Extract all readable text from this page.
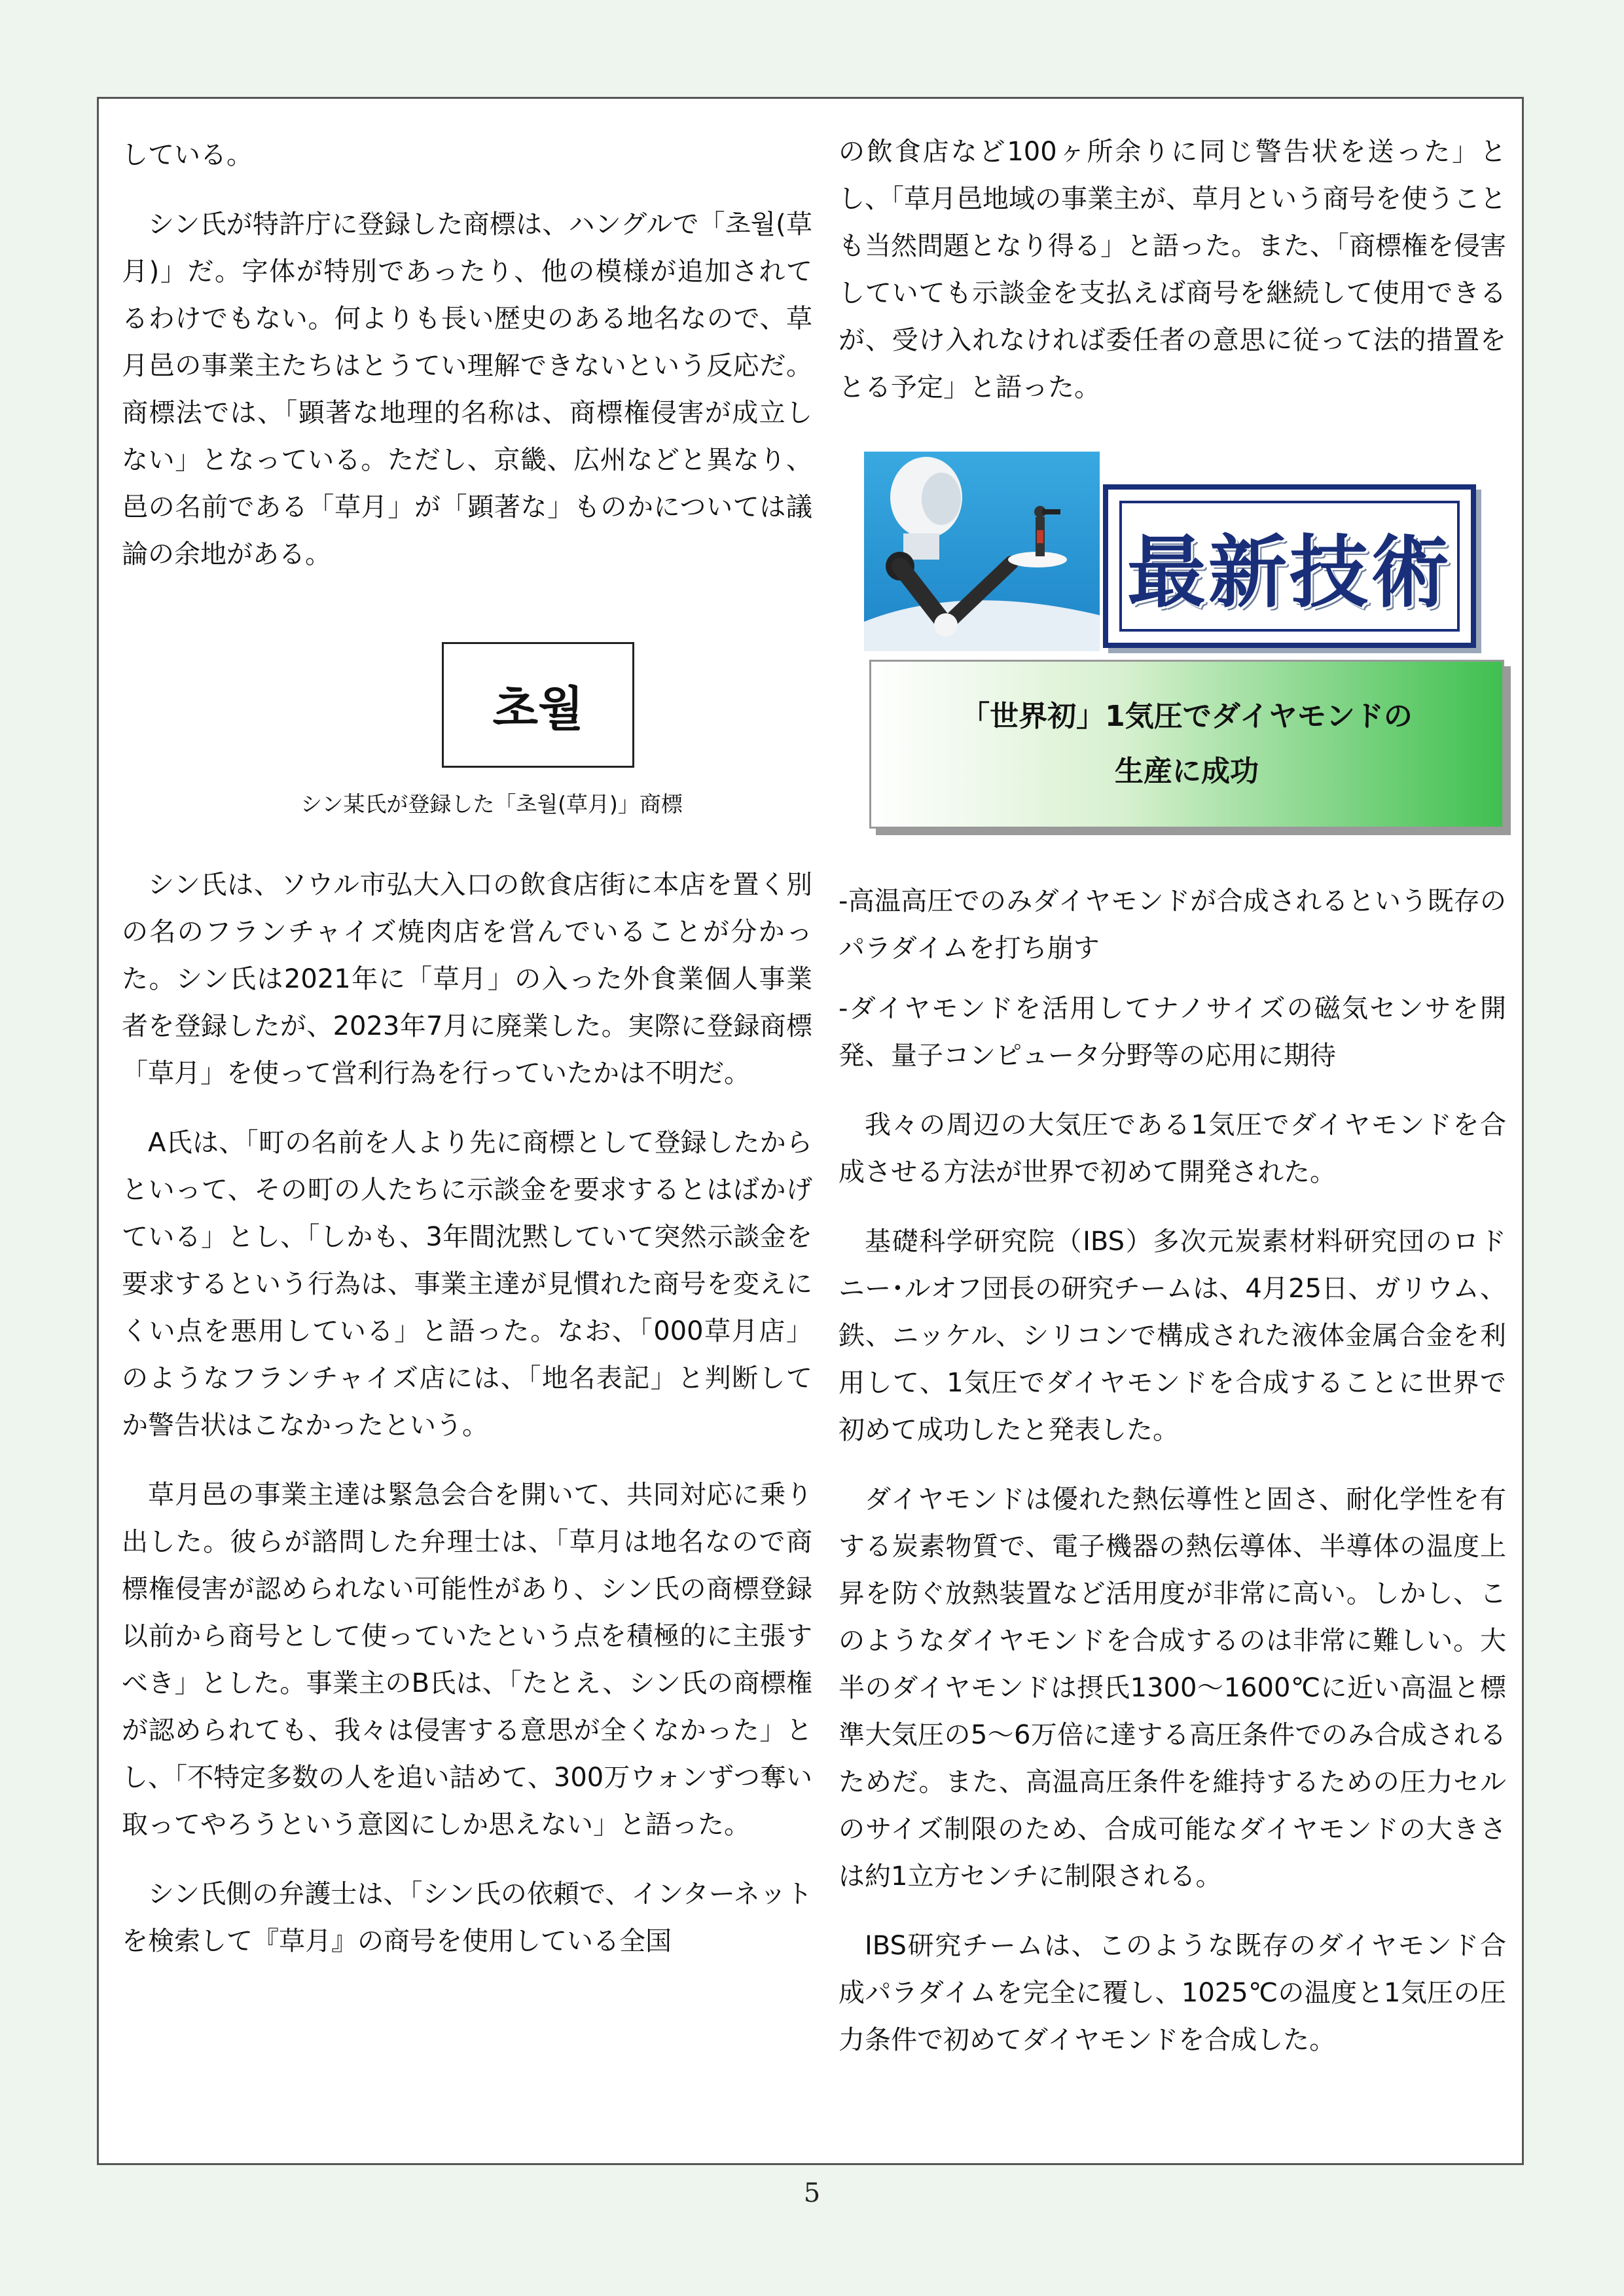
している。

シン氏が特許庁に登録した商標は、ハングルで「초월(草月)」だ。字体が特別であったり、他の模様が追加されてるわけでもない。何よりも長い歴史のある地名なので、草月邑の事業主たちはとうてい理解できないという反応だ。商標法では、「顕著な地理的名称は、商標権侵害が成立しない」となっている。ただし、京畿、広州などと異なり、邑の名前である「草月」が「顕著な」ものかについては議論の余地がある。

초월
シン某氏が登録した「초월(草月)」商標

シン氏は、ソウル市弘大入口の飲食店街に本店を置く別の名のフランチャイズ焼肉店を営んでいることが分かった。シン氏は2021年に「草月」の入った外食業個人事業者を登録したが、2023年7月に廃業した。実際に登録商標「草月」を使って営利行為を行っていたかは不明だ。

A氏は、「町の名前を人より先に商標として登録したからといって、その町の人たちに示談金を要求するとはばかげている」とし、「しかも、3年間沈黙していて突然示談金を要求するという行為は、事業主達が見慣れた商号を変えにくい点を悪用している」と語った。なお、「000草月店」のようなフランチャイズ店には、「地名表記」と判断してか警告状はこなかったという。

草月邑の事業主達は緊急会合を開いて、共同対応に乗り出した。彼らが諮問した弁理士は、「草月は地名なので商標権侵害が認められない可能性があり、シン氏の商標登録以前から商号として使っていたという点を積極的に主張すべき」とした。事業主のB氏は、「たとえ、シン氏の商標権が認められても、我々は侵害する意思が全くなかった」とし、「不特定多数の人を追い詰めて、300万ウォンずつ奪い取ってやろうという意図にしか思えない」と語った。

シン氏側の弁護士は、「シン氏の依頼で、インターネットを検索して『草月』の商号を使用している全国

の飲食店など100ヶ所余りに同じ警告状を送った」とし、「草月邑地域の事業主が、草月という商号を使うことも当然問題となり得る」と語った。また、「商標権を侵害していても示談金を支払えば商号を継続して使用できるが、受け入れなければ委任者の意思に従って法的措置をとる予定」と語った。

-高温高圧でのみダイヤモンドが合成されるという既存のパラダイムを打ち崩す

-ダイヤモンドを活用してナノサイズの磁気センサを開発、量子コンピュータ分野等の応用に期待

我々の周辺の大気圧である1気圧でダイヤモンドを合成させる方法が世界で初めて開発された。

基礎科学研究院（IBS）多次元炭素材料研究団のロドニー･ルオフ団長の研究チームは、4月25日、ガリウム、鉄、ニッケル、シリコンで構成された液体金属合金を利用して、1気圧でダイヤモンドを合成することに世界で初めて成功したと発表した。

ダイヤモンドは優れた熱伝導性と固さ、耐化学性を有する炭素物質で、電子機器の熱伝導体、半導体の温度上昇を防ぐ放熱装置など活用度が非常に高い。しかし、このようなダイヤモンドを合成するのは非常に難しい。大半のダイヤモンドは摂氏1300～1600℃に近い高温と標準大気圧の5～6万倍に達する高圧条件でのみ合成されるためだ。また、高温高圧条件を維持するための圧力セルのサイズ制限のため、合成可能なダイヤモンドの大きさは約1立方センチに制限される。

IBS研究チームは、このような既存のダイヤモンド合成パラダイムを完全に覆し、1025℃の温度と1気圧の圧力条件で初めてダイヤモンドを合成した。

最新技術
「世界初」1気圧でダイヤモンドの
生産に成功
5
